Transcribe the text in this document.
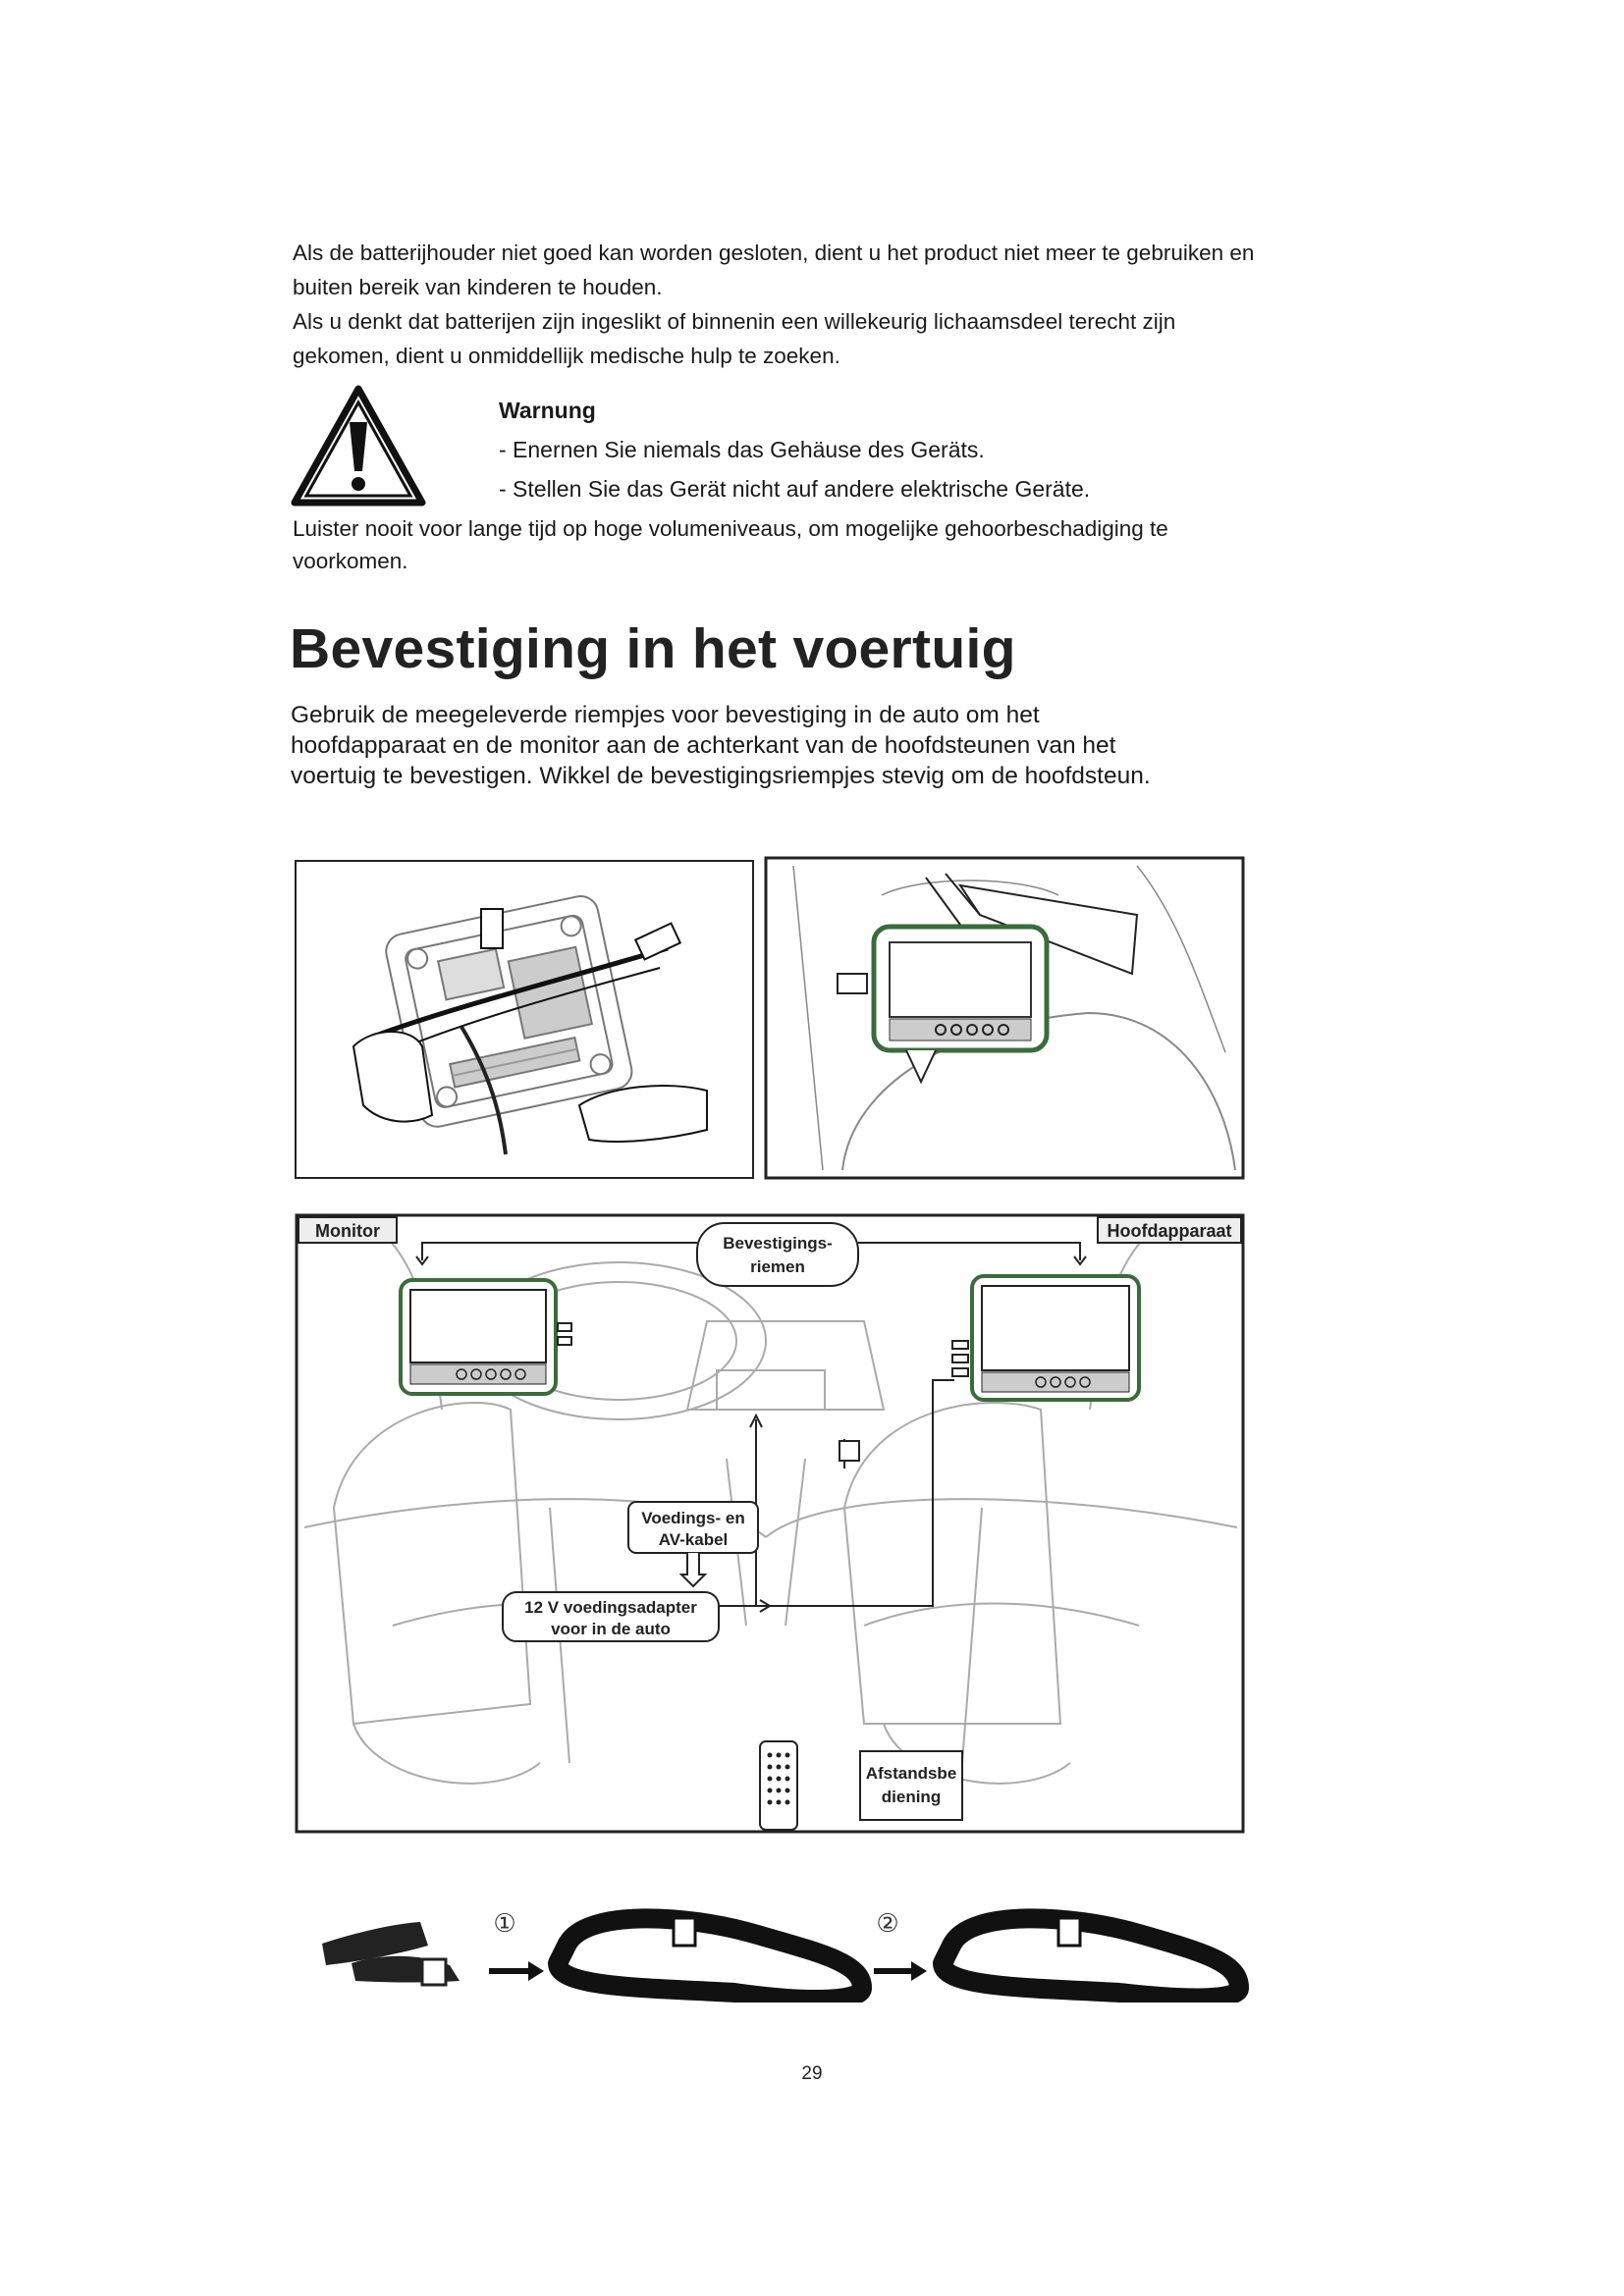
Als de batterijhouder niet goed kan worden gesloten, dient u het product niet meer te gebruiken en
buiten bereik van kinderen te houden.
Als u denkt dat batterijen zijn ingeslikt of binnenin een willekeurig lichaamsdeel terecht zijn
gekomen, dient u onmiddellijk medische hulp te zoeken.
Warnung
- Enernen Sie niemals das Gehäuse des Geräts.
- Stellen Sie das Gerät nicht auf andere elektrische Geräte.
Luister nooit voor lange tijd op hoge volumeniveaus, om mogelijke gehoorbeschadiging te
voorkomen.
Bevestiging in het voertuig
Gebruik de meegeleverde riempjes voor bevestiging in de auto om het
hoofdapparaat en de monitor aan de achterkant van de hoofdsteunen van het
voertuig te bevestigen. Wikkel de bevestigingsriempjes stevig om de hoofdsteun.
Monitor	Hoofdapparaat
Bevestigings-
riemen
Voedings- en
AV-kabel
12 V voedingsadapter
voor in de auto
Afstandsbe
diening
①	②
29
